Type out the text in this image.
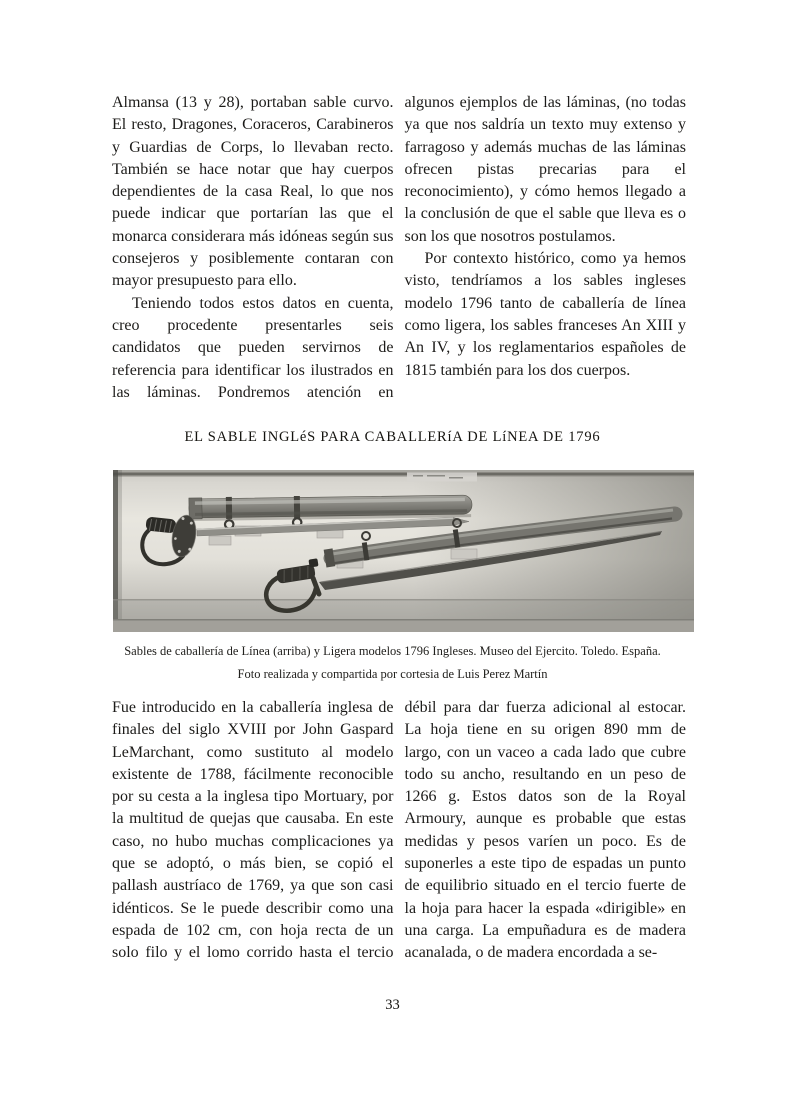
Almansa (13 y 28), portaban sable curvo. El resto, Dragones, Coraceros, Carabineros y Guardias de Corps, lo llevaban recto. También se hace notar que hay cuerpos dependientes de la casa Real, lo que nos puede indicar que portarían las que el monarca considerara más idóneas según sus consejeros y posiblemente contaran con mayor presupuesto para ello.

Teniendo todos estos datos en cuenta, creo procedente presentarles seis candidatos que pueden servirnos de referencia para identificar los ilustrados en las láminas. Pondremos atención en algunos ejemplos de las láminas, (no todas ya que nos saldría un texto muy extenso y farragoso y además muchas de las láminas ofrecen pistas precarias para el reconocimiento), y cómo hemos llegado a la conclusión de que el sable que lleva es o son los que nosotros postulamos.

Por contexto histórico, como ya hemos visto, tendríamos a los sables ingleses modelo 1796 tanto de caballería de línea como ligera, los sables franceses An XIII y An IV, y los reglamentarios españoles de 1815 también para los dos cuerpos.

EL SABLE INGLéS PARA CABALLERíA DE LíNEA DE 1796
Sables de caballería de Línea (arriba) y Ligera modelos 1796 Ingleses. Museo del Ejercito. Toledo. España.
Foto realizada y compartida por cortesia de Luis Perez Martín

Fue introducido en la caballería inglesa de finales del siglo XVIII por John Gaspard LeMarchant, como sustituto al modelo existente de 1788, fácilmente reconocible por su cesta a la inglesa tipo Mortuary, por la multitud de quejas que causaba. En este caso, no hubo muchas complicaciones ya que se adoptó, o más bien, se copió el pallash austríaco de 1769, ya que son casi idénticos. Se le puede describir como una espada de 102 cm, con hoja recta de un solo filo y el lomo corrido hasta el tercio débil para dar fuerza adicional al estocar. La hoja tiene en su origen 890 mm de largo, con un vaceo a cada lado que cubre todo su ancho, resultando en un peso de 1266 g. Estos datos son de la Royal Armoury, aunque es probable que estas medidas y pesos varíen un poco. Es de suponerles a este tipo de espadas un punto de equilibrio situado en el tercio fuerte de la hoja para hacer la espada «dirigible» en una carga. La empuñadura es de madera acanalada, o de madera encordada a se-

33
